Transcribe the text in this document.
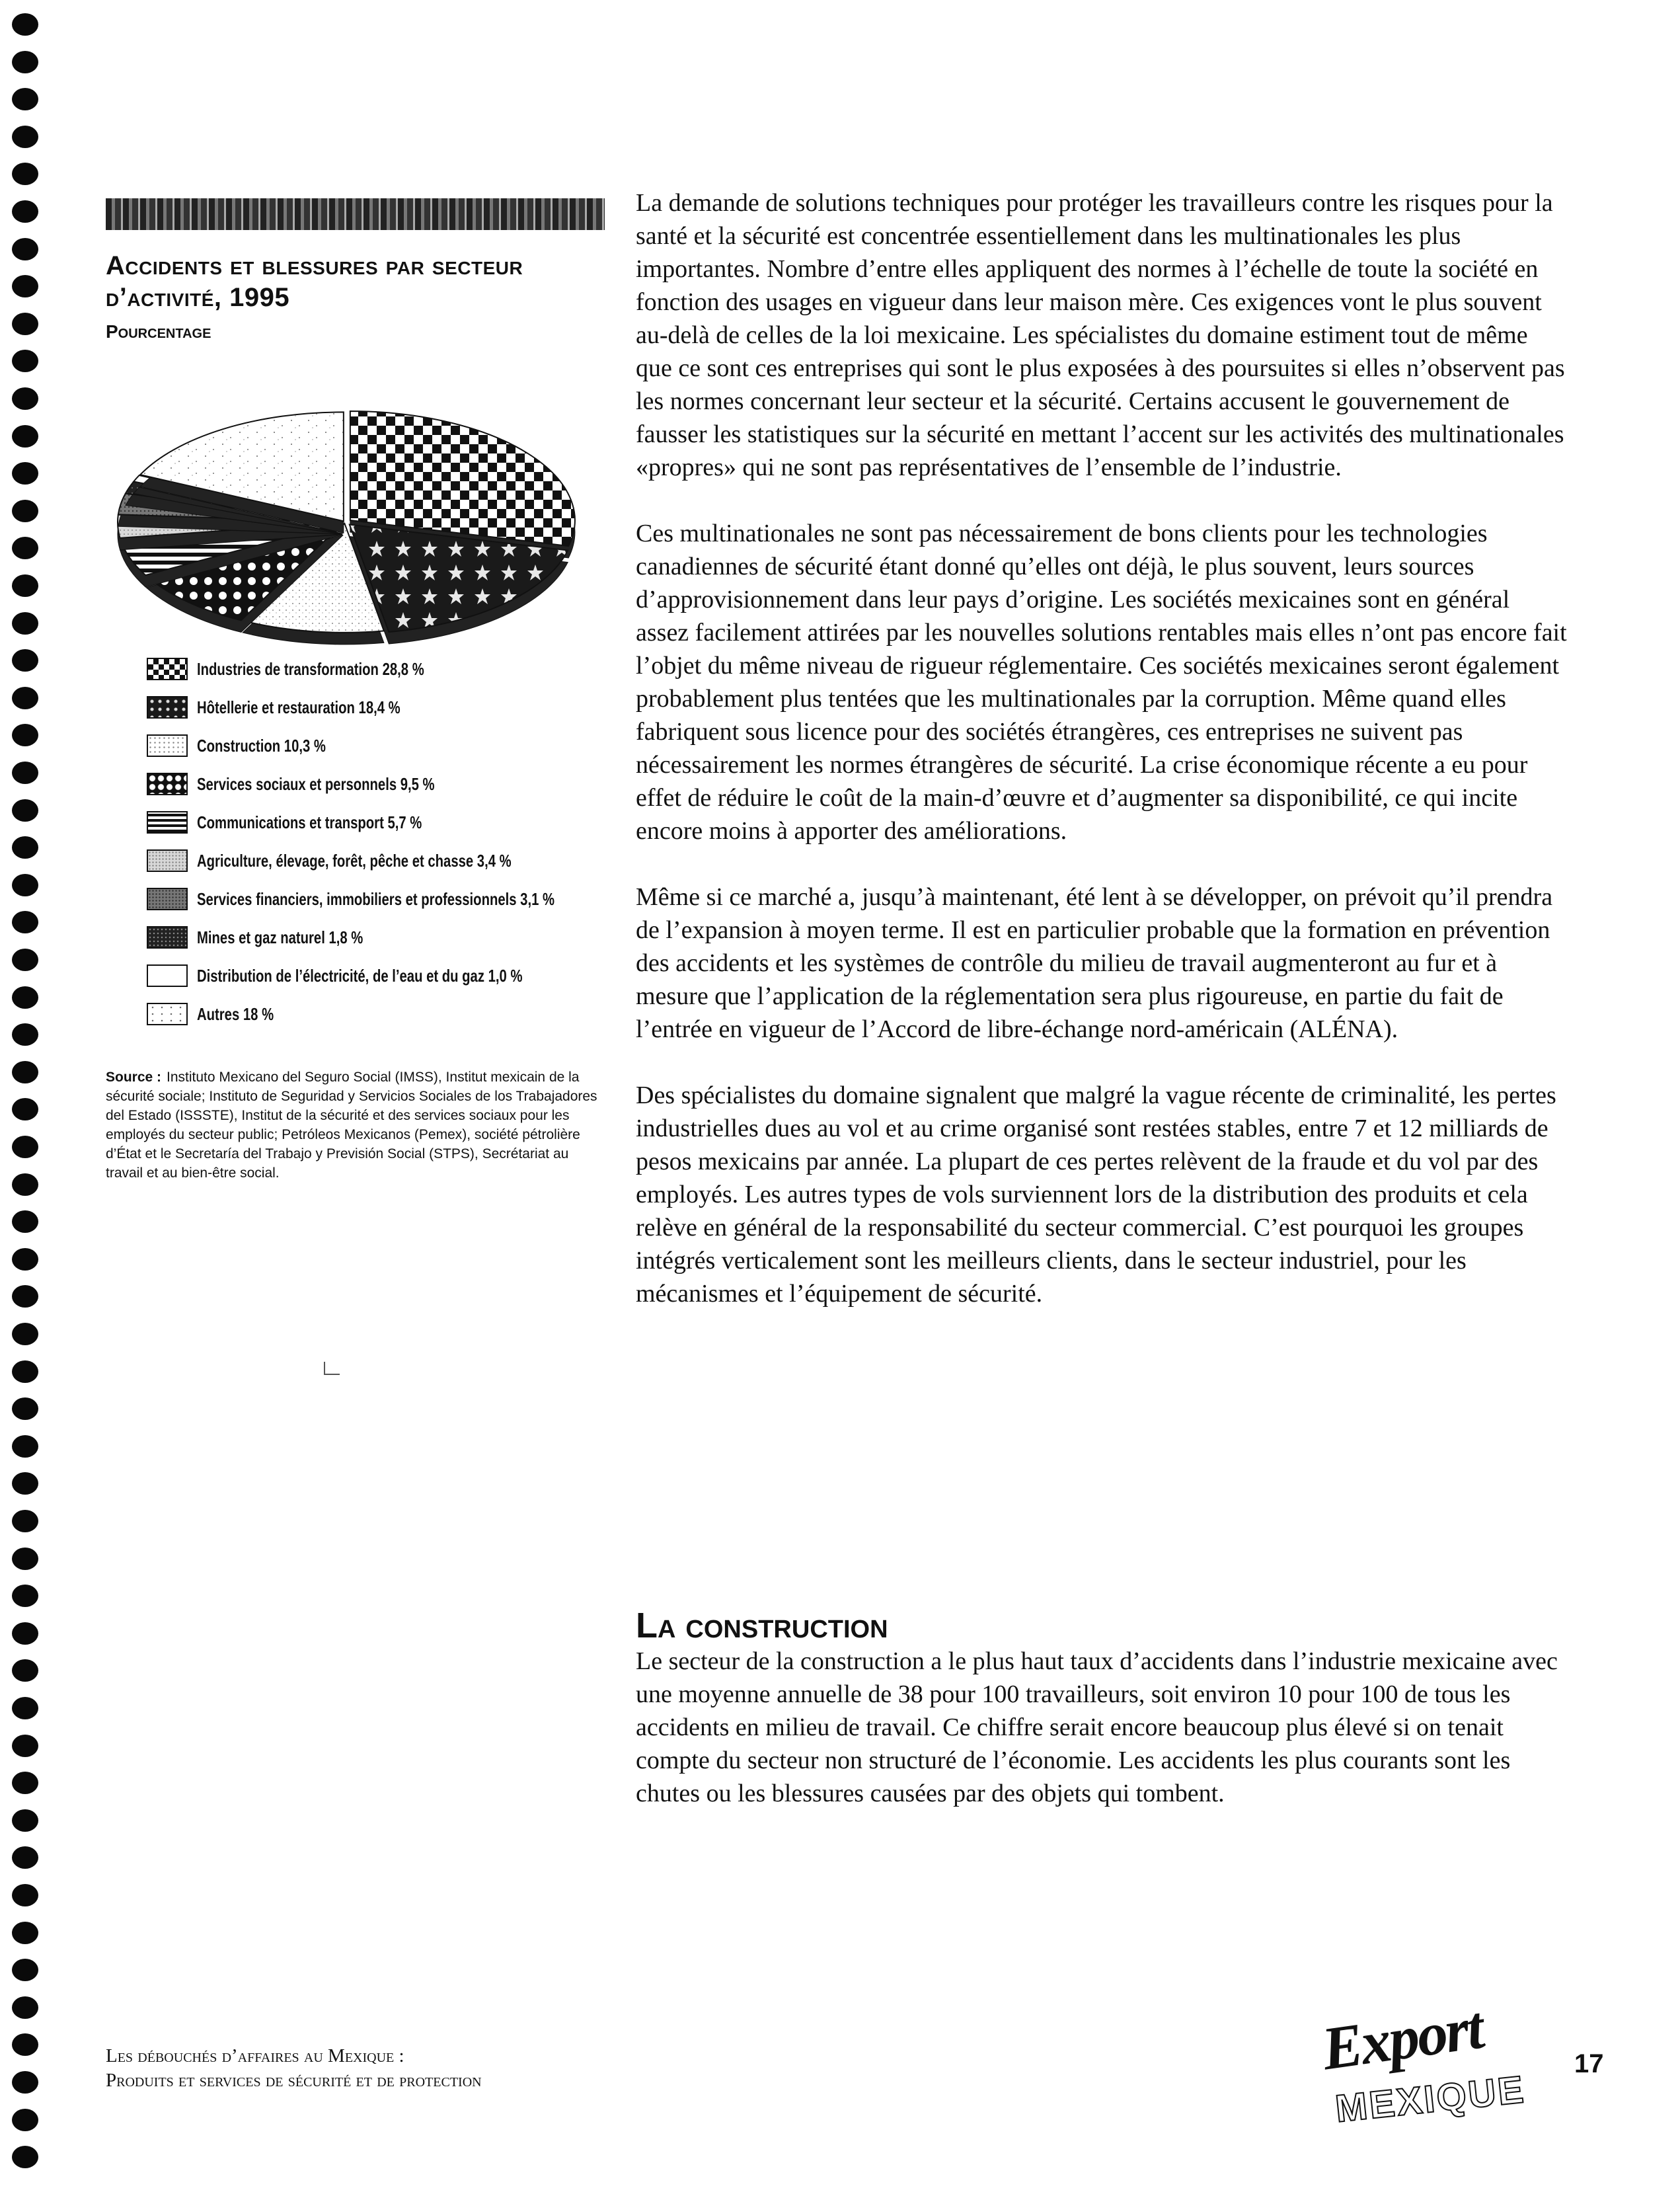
Accidents et blessures par secteur d’activité, 1995
Pourcentage
Industries de transformation 28,8 %
Hôtellerie et restauration 18,4 %
Construction 10,3 %
Services sociaux et personnels 9,5 %
Communications et transport 5,7 %
Agriculture, élevage, forêt, pêche et chasse 3,4 %
Services financiers, immobiliers et professionnels 3,1 %
Mines et gaz naturel 1,8 %
Distribution de l’électricité, de l’eau et du gaz 1,0 %
Autres 18 %
Source : Instituto Mexicano del Seguro Social (IMSS), Institut mexicain de la sécurité sociale; Instituto de Seguridad y Servicios Sociales de los Trabajadores del Estado (ISSSTE), Institut de la sécurité et des services sociaux pour les employés du secteur public; Petróleos Mexicanos (Pemex), société pétrolière d’État et le Secretaría del Trabajo y Previsión Social (STPS), Secrétariat au travail et au bien-être social.

La demande de solutions techniques pour protéger les travailleurs contre les risques pour la santé et la sécurité est concentrée essentiellement dans les multinationales les plus importantes. Nombre d’entre elles appliquent des normes à l’échelle de toute la société en fonction des usages en vigueur dans leur maison mère. Ces exigences vont le plus souvent au-delà de celles de la loi mexicaine. Les spécialistes du domaine estiment tout de même que ce sont ces entreprises qui sont le plus exposées à des poursuites si elles n’observent pas les normes concernant leur secteur et la sécurité. Certains accusent le gouvernement de fausser les statistiques sur la sécurité en mettant l’accent sur les activités des multinationales «propres» qui ne sont pas représentatives de l’ensemble de l’industrie.

Ces multinationales ne sont pas nécessairement de bons clients pour les technologies canadiennes de sécurité étant donné qu’elles ont déjà, le plus souvent, leurs sources d’approvisionnement dans leur pays d’origine. Les sociétés mexicaines sont en général assez facilement attirées par les nouvelles solutions rentables mais elles n’ont pas encore fait l’objet du même niveau de rigueur réglementaire. Ces sociétés mexicaines seront également probablement plus tentées que les multinationales par la corruption. Même quand elles fabriquent sous licence pour des sociétés étrangères, ces entreprises ne suivent pas nécessairement les normes étrangères de sécurité. La crise économique récente a eu pour effet de réduire le coût de la main-d’œuvre et d’augmenter sa disponibilité, ce qui incite encore moins à apporter des améliorations.

Même si ce marché a, jusqu’à maintenant, été lent à se développer, on prévoit qu’il prendra de l’expansion à moyen terme. Il est en particulier probable que la formation en prévention des accidents et les systèmes de contrôle du milieu de travail augmenteront au fur et à mesure que l’application de la réglementation sera plus rigoureuse, en partie du fait de l’entrée en vigueur de l’Accord de libre-échange nord-américain (ALÉNA).

Des spécialistes du domaine signalent que malgré la vague récente de criminalité, les pertes industrielles dues au vol et au crime organisé sont restées stables, entre 7 et 12 milliards de pesos mexicains par année. La plupart de ces pertes relèvent de la fraude et du vol par des employés. Les autres types de vols surviennent lors de la distribution des produits et cela relève en général de la responsabilité du secteur commercial. C’est pourquoi les groupes intégrés verticalement sont les meilleurs clients, dans le secteur industriel, pour les mécanismes et l’équipement de sécurité.

La construction

Le secteur de la construction a le plus haut taux d’accidents dans l’industrie mexicaine avec une moyenne annuelle de 38 pour 100 travailleurs, soit environ 10 pour 100 de tous les accidents en milieu de travail. Ce chiffre serait encore beaucoup plus élevé si on tenait compte du secteur non structuré de l’économie. Les accidents les plus courants sont les chutes ou les blessures causées par des objets qui tombent.

Les débouchés d’affaires au Mexique :
Produits et services de sécurité et de protection	Export
MEXIQUE
17
